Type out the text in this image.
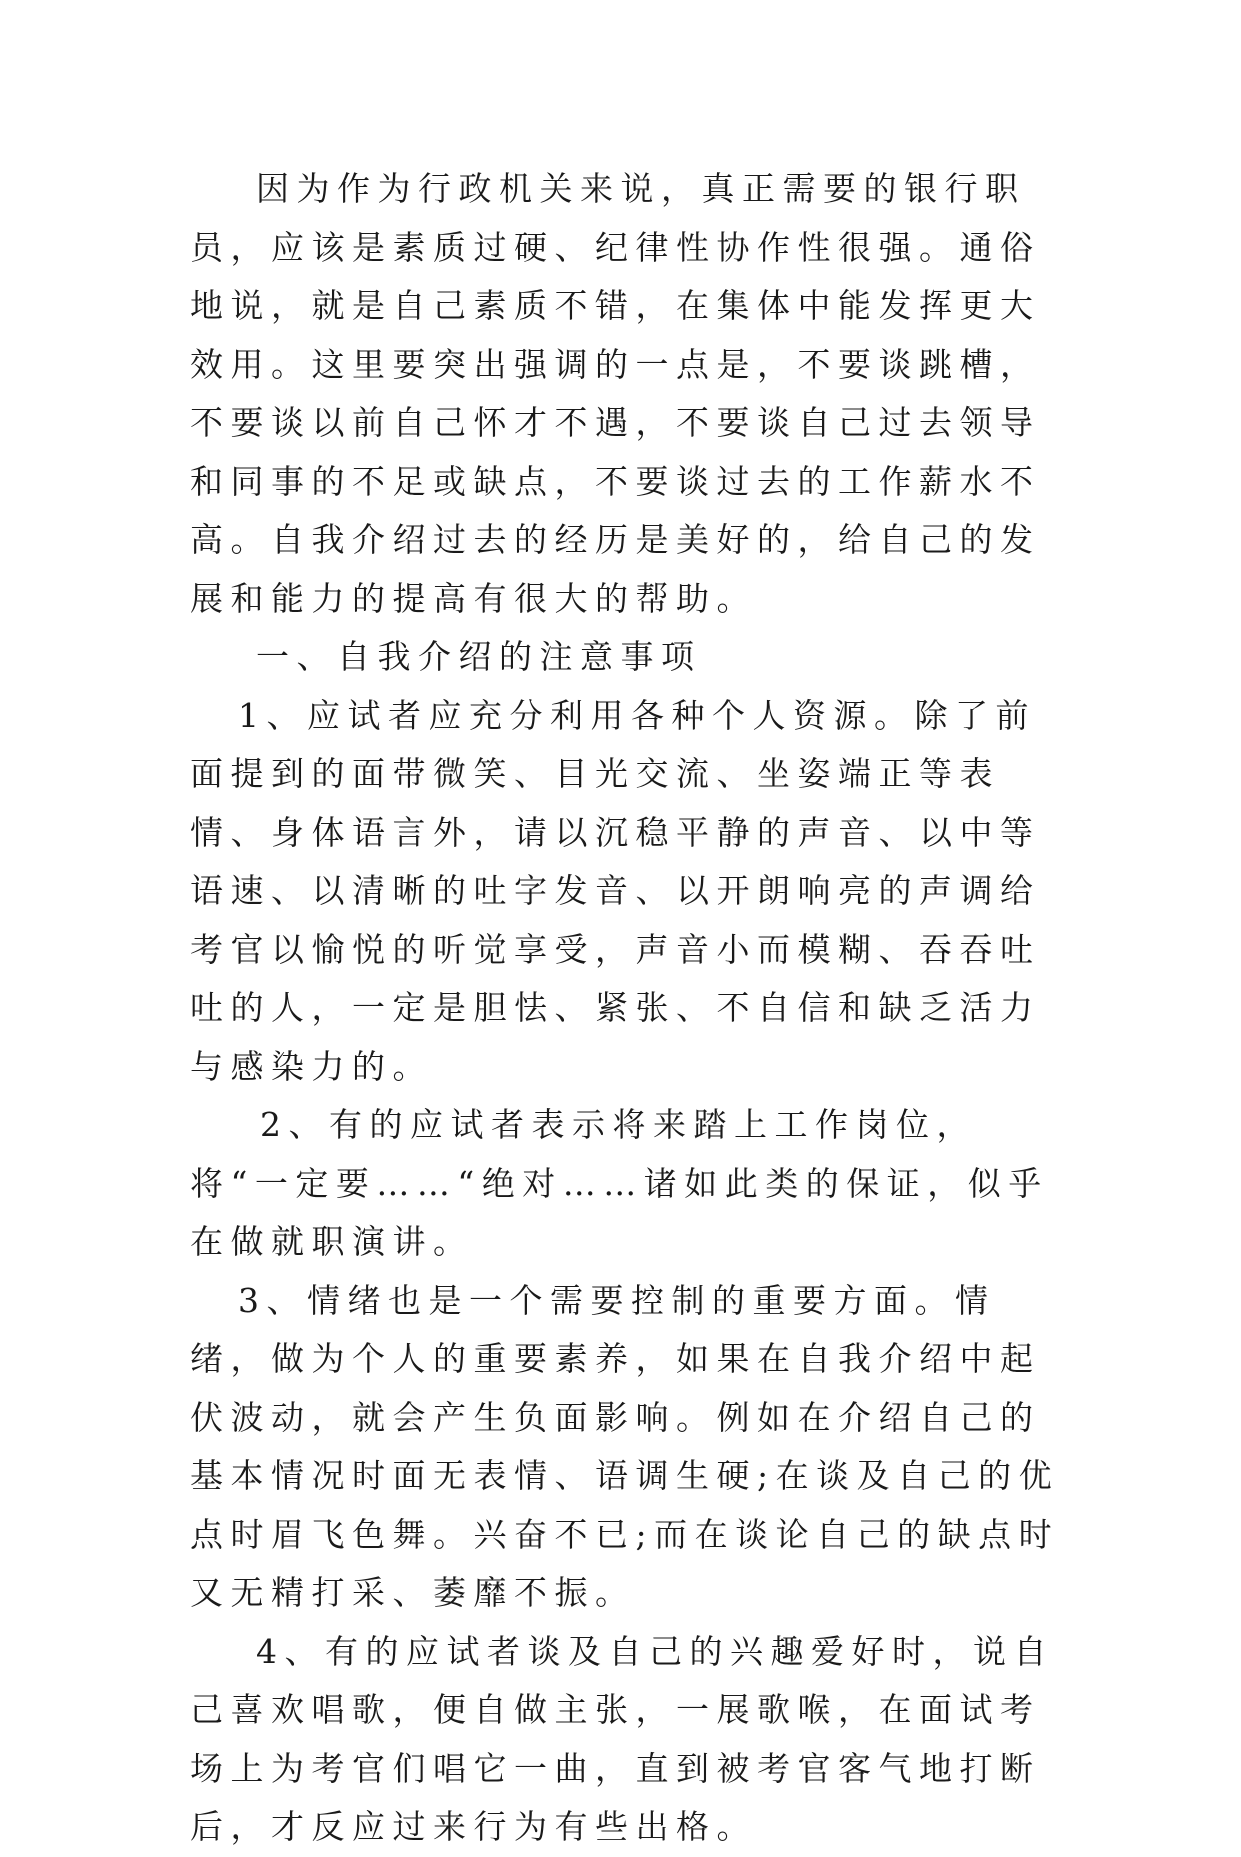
因为作为行政机关来说，真正需要的银行职员，应该是素质过硬、纪律性协作性很强。通俗地说，就是自己素质不错，在集体中能发挥更大效用。这里要突出强调的一点是，不要谈跳槽，不要谈以前自己怀才不遇，不要谈自己过去领导和同事的不足或缺点，不要谈过去的工作薪水不高。自我介绍过去的经历是美好的，给自己的发展和能力的提高有很大的帮助。

一、自我介绍的注意事项

1、应试者应充分利用各种个人资源。除了前面提到的面带微笑、目光交流、坐姿端正等表情、身体语言外，请以沉稳平静的声音、以中等语速、以清晰的吐字发音、以开朗响亮的声调给考官以愉悦的听觉享受，声音小而模糊、吞吞吐吐的人，一定是胆怯、紧张、不自信和缺乏活力与感染力的。

2、有的应试者表示将来踏上工作岗位，将“一定要……“绝对……诸如此类的保证，似乎在做就职演讲。

3、情绪也是一个需要控制的重要方面。情绪，做为个人的重要素养，如果在自我介绍中起伏波动，就会产生负面影响。例如在介绍自己的基本情况时面无表情、语调生硬;在谈及自己的优点时眉飞色舞。兴奋不已;而在谈论自己的缺点时又无精打采、萎靡不振。

4、有的应试者谈及自己的兴趣爱好时，说自己喜欢唱歌，便自做主张，一展歌喉，在面试考场上为考官们唱它一曲，直到被考官客气地打断后，才反应过来行为有些出格。
